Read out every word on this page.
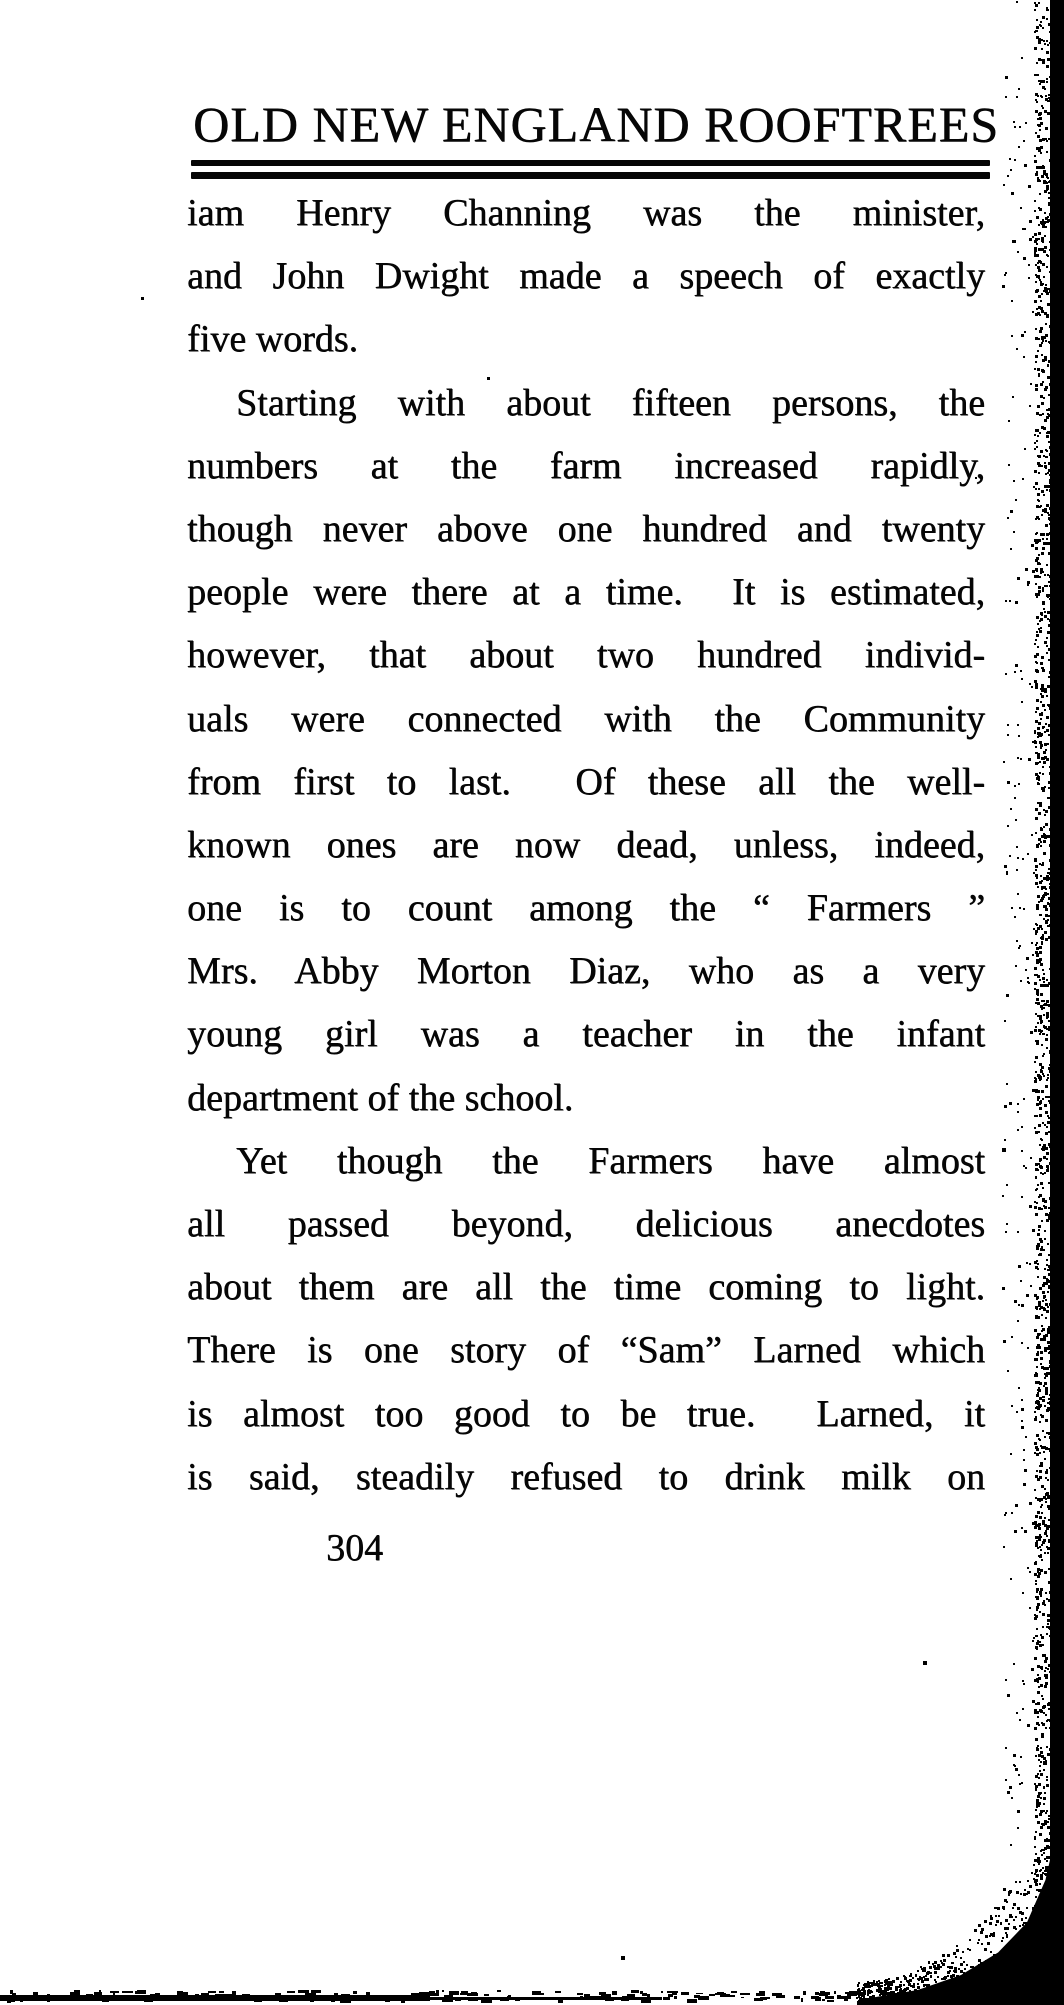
OLD NEW ENGLAND ROOFTREES
iam Henry Channing was the minister,
and John Dwight made a speech of exactly
five words.
Starting with about fifteen persons, the
numbers at the farm increased rapidly,
though never above one hundred and twenty
people were there at a time.  It is estimated,
however, that about two hundred individ-
uals were connected with the Community
from first to last.  Of these all the well-
known ones are now dead, unless, indeed,
one is to count among the “ Farmers ”
Mrs. Abby Morton Diaz, who as a very
young girl was a teacher in the infant
department of the school.
Yet though the Farmers have almost
all passed beyond, delicious anecdotes
about them are all the time coming to light.
There is one story of “Sam” Larned which
is almost too good to be true.  Larned, it
is said, steadily refused to drink milk on
304
